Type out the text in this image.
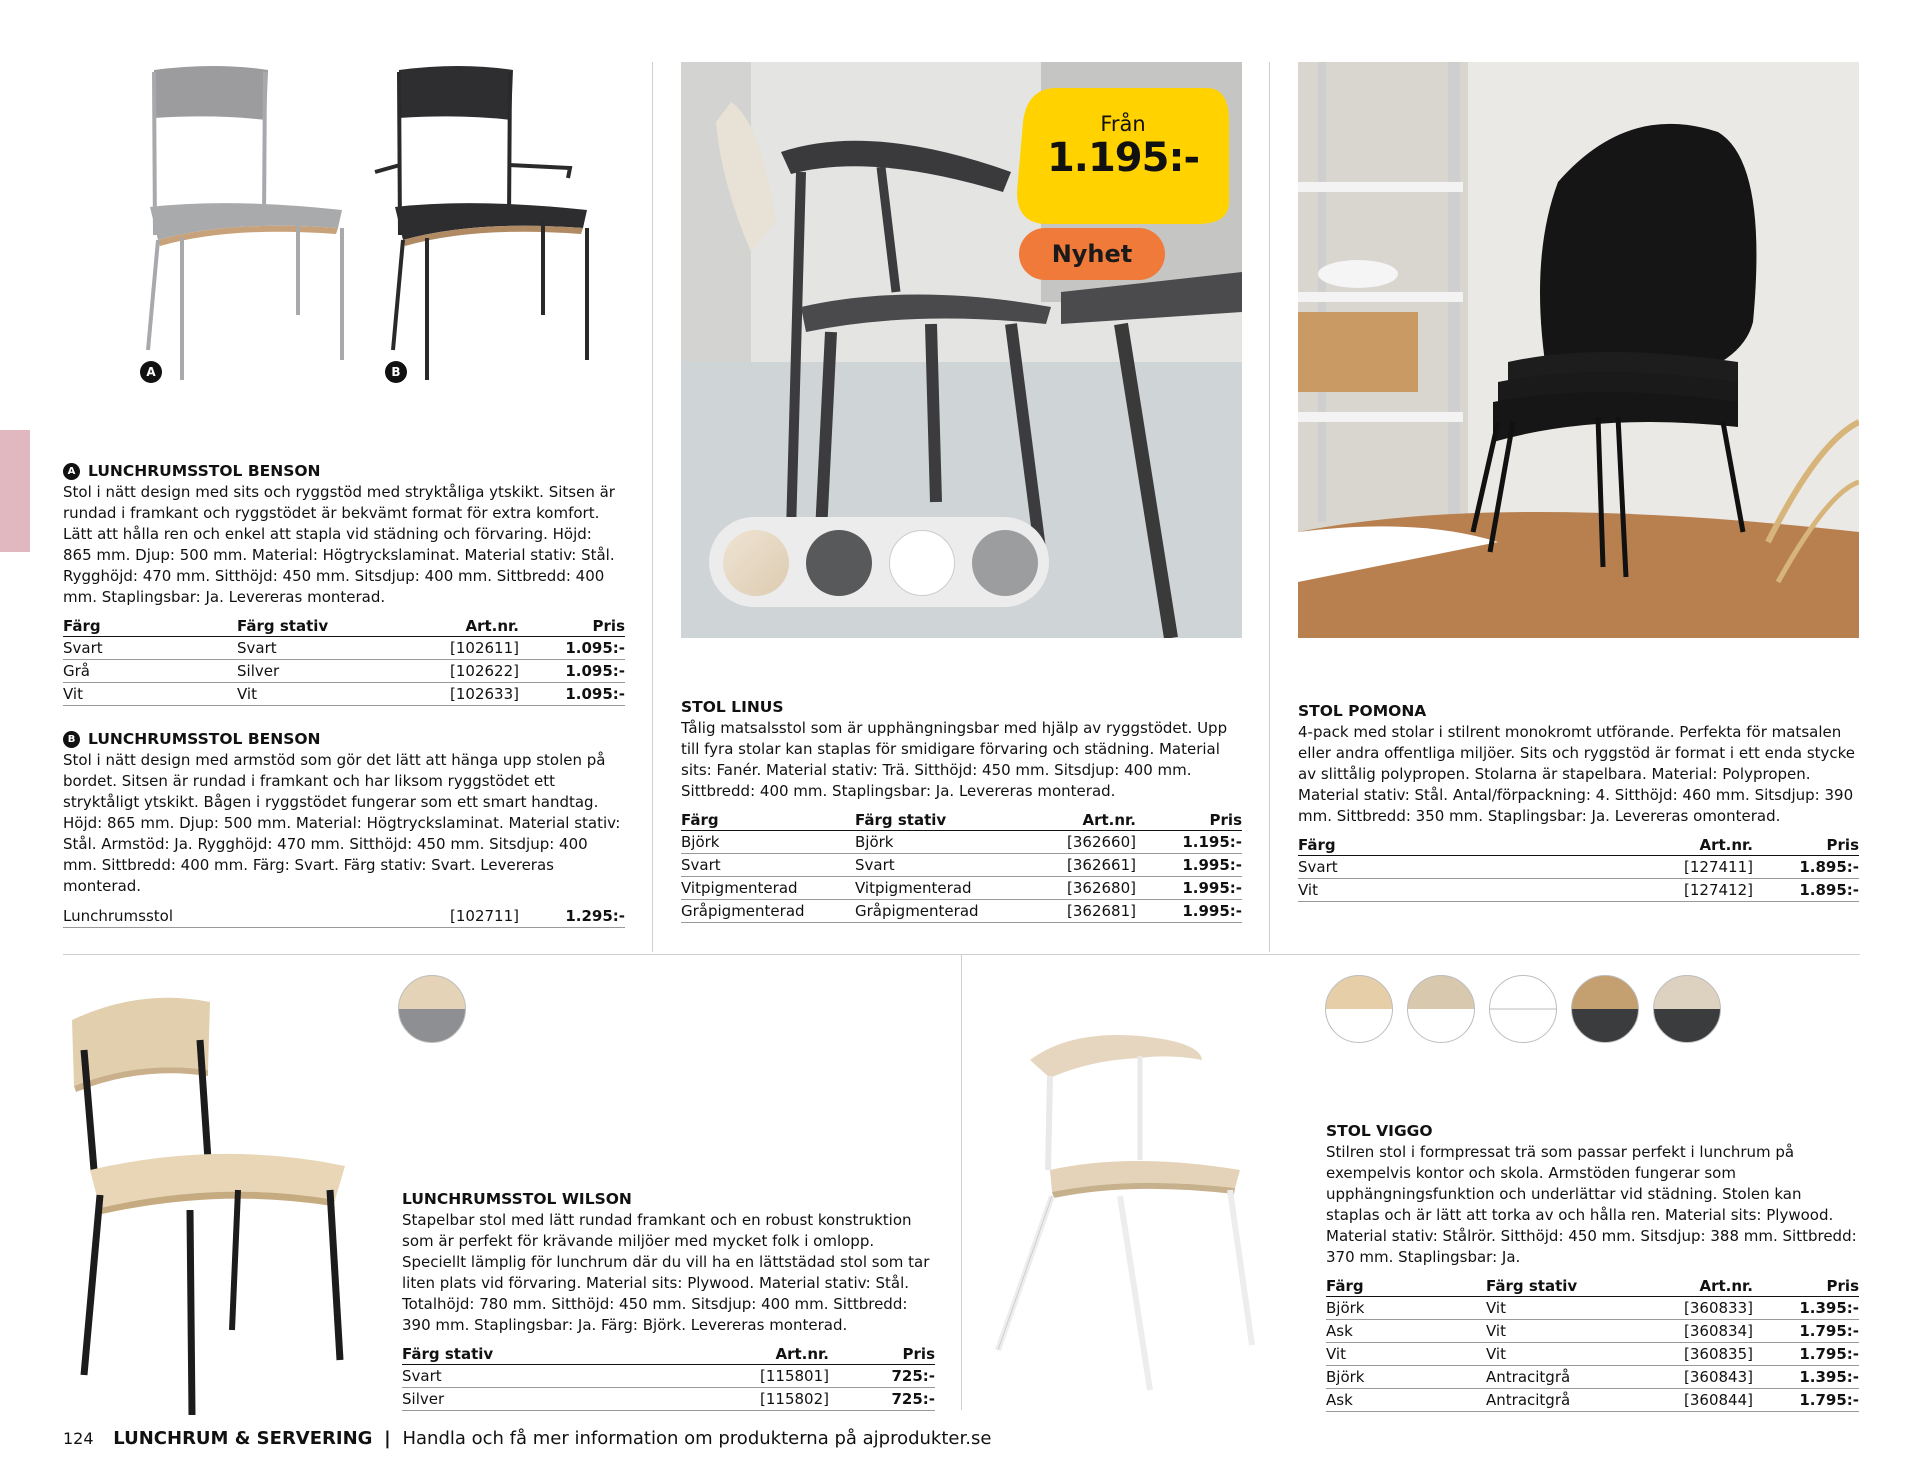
A	B
A LUNCHRUMSSTOL BENSON

Stol i nätt design med sits och ryggstöd med stryktåliga ytskikt. Sitsen är rundad i framkant och ryggstödet är bekvämt format för extra komfort. Lätt att hålla ren och enkel att stapla vid städning och förvaring. Höjd: 865 mm. Djup: 500 mm. Material: Högtryckslaminat. Material stativ: Stål. Rygghöjd: 470 mm. Sitthöjd: 450 mm. Sitsdjup: 400 mm. Sittbredd: 400 mm. Staplingsbar: Ja. Levereras monterad.

Färg	Färg stativ	Art.nr.	Pris
Svart	Svart	[102611]	1.095:-
Grå	Silver	[102622]	1.095:-
Vit	Vit	[102633]	1.095:-
B LUNCHRUMSSTOL BENSON

Stol i nätt design med armstöd som gör det lätt att hänga upp stolen på bordet. Sitsen är rundad i framkant och har liksom ryggstödet ett stryktåligt ytskikt. Bågen i ryggstödet fungerar som ett smart handtag. Höjd: 865 mm. Djup: 500 mm. Material: Högtryckslaminat. Material stativ: Stål. Armstöd: Ja. Rygghöjd: 470 mm. Sitthöjd: 450 mm. Sitsdjup: 400 mm. Sittbredd: 400 mm. Färg: Svart. Färg stativ: Svart. Levereras monterad.

Lunchrumsstol	[102711]	1.295:-
Från
1.195:-
Nyhet
STOL LINUS

Tålig matsalsstol som är upphängningsbar med hjälp av ryggstödet. Upp till fyra stolar kan staplas för smidigare förvaring och städning. Material sits: Fanér. Material stativ: Trä. Sitthöjd: 450 mm. Sitsdjup: 400 mm. Sittbredd: 400 mm. Staplingsbar: Ja. Levereras monterad.

Färg	Färg stativ	Art.nr.	Pris
Björk	Björk	[362660]	1.195:-
Svart	Svart	[362661]	1.995:-
Vitpigmenterad	Vitpigmenterad	[362680]	1.995:-
Gråpigmenterad	Gråpigmenterad	[362681]	1.995:-
STOL POMONA

4-pack med stolar i stilrent monokromt utförande. Perfekta för matsalen eller andra offentliga miljöer. Sits och ryggstöd är format i ett enda stycke av slittålig polypropen. Stolarna är stapelbara. Material: Polypropen. Material stativ: Stål. Antal/förpackning: 4. Sitthöjd: 460 mm. Sitsdjup: 390 mm. Sittbredd: 350 mm. Staplingsbar: Ja. Levereras omonterad.

Färg	Art.nr.	Pris
Svart	[127411]	1.895:-
Vit	[127412]	1.895:-
LUNCHRUMSSTOL WILSON

Stapelbar stol med lätt rundad framkant och en robust konstruktion som är perfekt för krävande miljöer med mycket folk i omlopp. Speciellt lämplig för lunchrum där du vill ha en lättstädad stol som tar liten plats vid förvaring. Material sits: Plywood. Material stativ: Stål. Totalhöjd: 780 mm. Sitthöjd: 450 mm. Sitsdjup: 400 mm. Sittbredd: 390 mm. Staplingsbar: Ja. Färg: Björk. Levereras monterad.

Färg stativ	Art.nr.	Pris
Svart	[115801]	725:-
Silver	[115802]	725:-
STOL VIGGO

Stilren stol i formpressat trä som passar perfekt i lunchrum på exempelvis kontor och skola. Armstöden fungerar som upphängningsfunktion och underlättar vid städning. Stolen kan staplas och är lätt att torka av och hålla ren. Material sits: Plywood. Material stativ: Stålrör. Sitthöjd: 450 mm. Sitsdjup: 388 mm. Sittbredd: 370 mm. Staplingsbar: Ja.

Färg	Färg stativ	Art.nr.	Pris
Björk	Vit	[360833]	1.395:-
Ask	Vit	[360834]	1.795:-
Vit	Vit	[360835]	1.795:-
Björk	Antracitgrå	[360843]	1.395:-
Ask	Antracitgrå	[360844]	1.795:-
124 LUNCHRUM & SERVERING | Handla och få mer information om produkterna på ajprodukter.se
